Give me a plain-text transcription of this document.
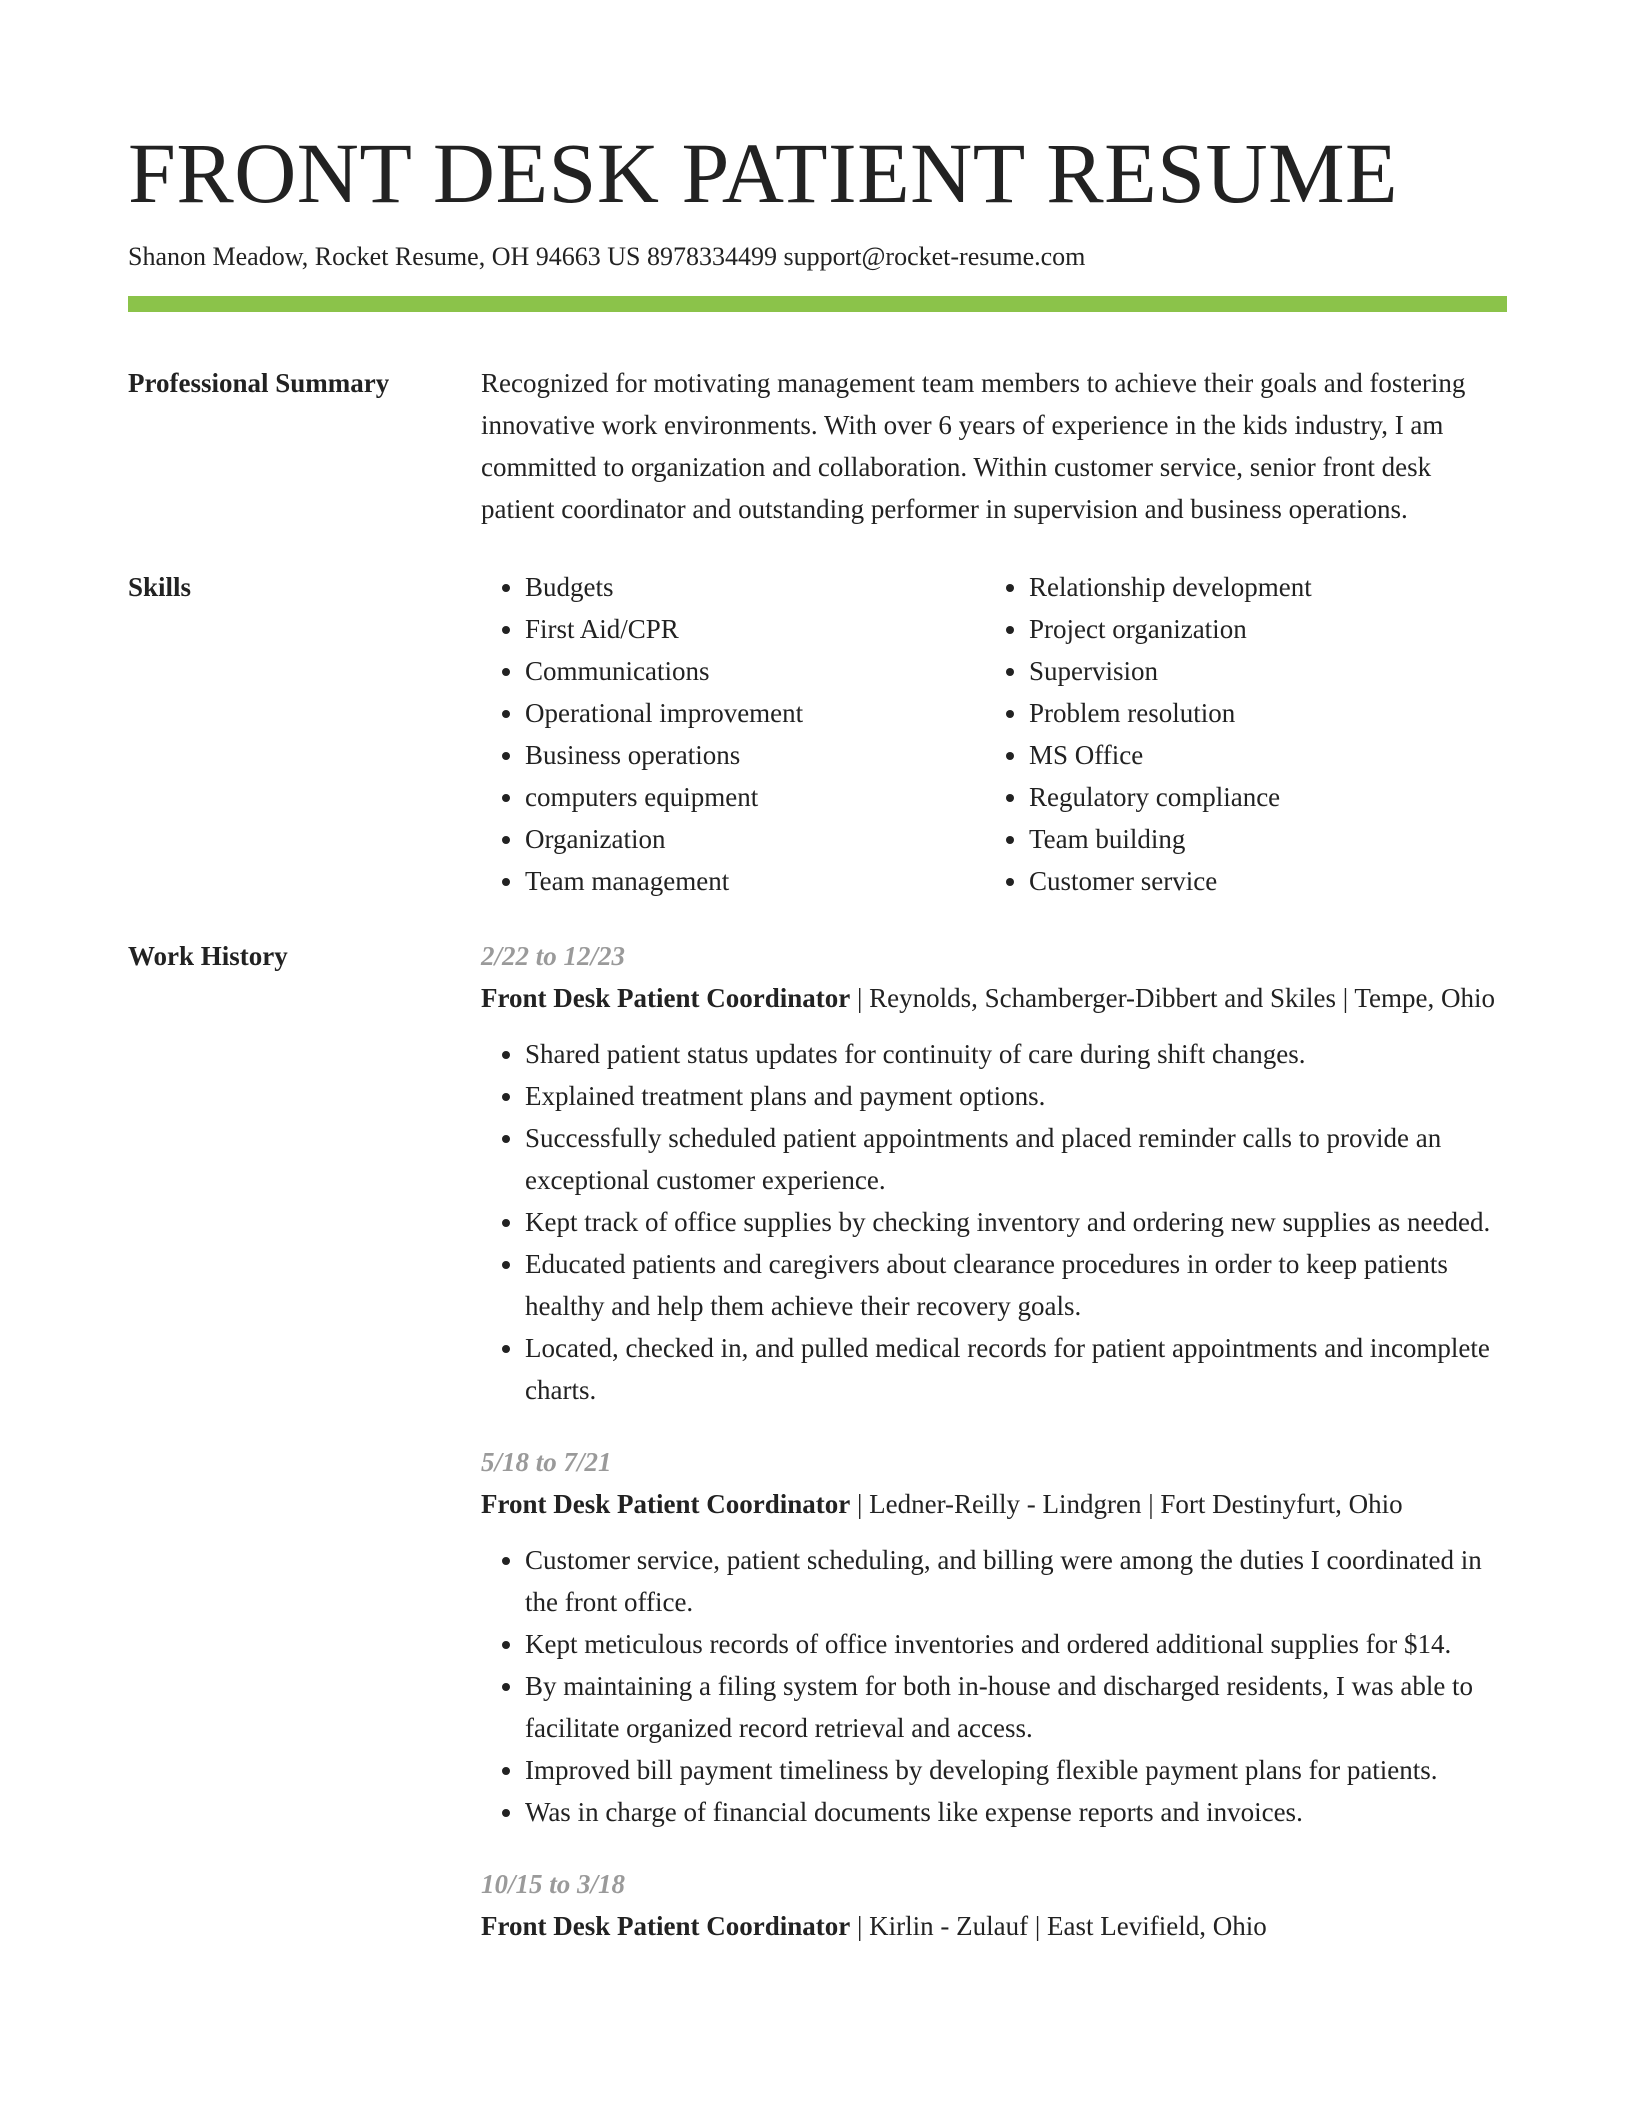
FRONT DESK PATIENT RESUME
Shanon Meadow, Rocket Resume, OH 94663 US 8978334499 support@rocket-resume.com
Professional Summary	Recognized for motivating management team members to achieve their goals and fostering innovative work environments. With over 6 years of experience in the kids industry, I am committed to organization and collaboration. Within customer service, senior front desk patient coordinator and outstanding performer in supervision and business operations.

Skills
•	Budgets
• First Aid/CPR
• Communications
• Operational improvement
• Business operations
• computers equipment
• Organization
• Team management
• Relationship development
• Project organization
• Supervision
• Problem resolution
• MS Office
• Regulatory compliance
• Team building
• Customer service
Work History	2/22 to 12/23
Front Desk Patient Coordinator | Reynolds, Schamberger-Dibbert and Skiles | Tempe, Ohio
• Shared patient status updates for continuity of care during shift changes.
• Explained treatment plans and payment options.
• Successfully scheduled patient appointments and placed reminder calls to provide an exceptional customer experience.
• Kept track of office supplies by checking inventory and ordering new supplies as needed.
• Educated patients and caregivers about clearance procedures in order to keep patients healthy and help them achieve their recovery goals.
• Located, checked in, and pulled medical records for patient appointments and incomplete charts.
5/18 to 7/21
Front Desk Patient Coordinator | Ledner-Reilly - Lindgren | Fort Destinyfurt, Ohio
• Customer service, patient scheduling, and billing were among the duties I coordinated in the front office.
• Kept meticulous records of office inventories and ordered additional supplies for $14.
• By maintaining a filing system for both in-house and discharged residents, I was able to facilitate organized record retrieval and access.
• Improved bill payment timeliness by developing flexible payment plans for patients.
• Was in charge of financial documents like expense reports and invoices.
10/15 to 3/18
Front Desk Patient Coordinator | Kirlin - Zulauf | East Levifield, Ohio
